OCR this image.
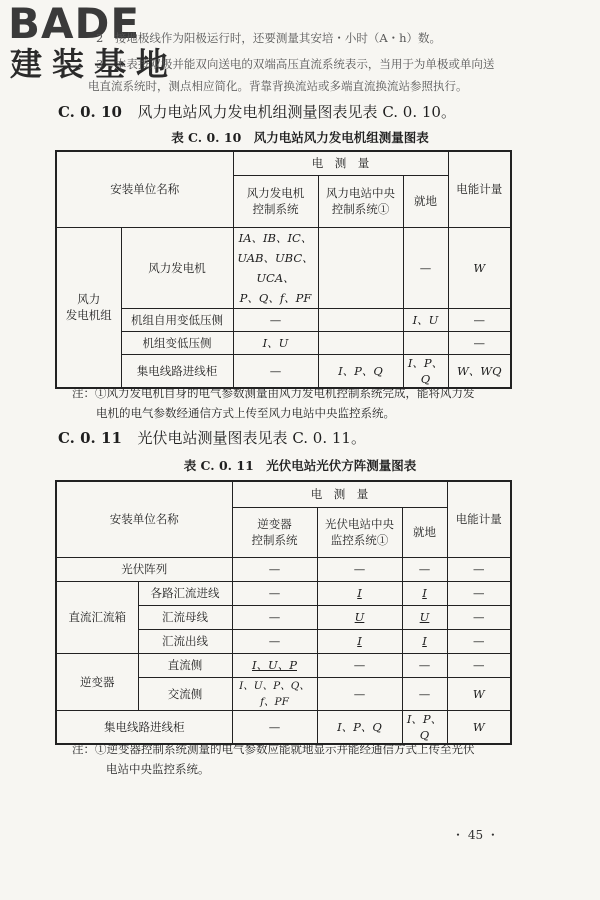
BADE
建装基地
2　接地极线作为阳极运行时，还要测量其安培・小时（A・h）数。
3　本表按双极并能双向送电的双端高压直流系统表示，当用于为单极或单向送
电直流系统时，测点相应简化。背靠背换流站或多端直流换流站参照执行。
C. 0. 10 风力电站风力发电机组测量图表见表 C. 0. 10。
表 C. 0. 10　风力电站风力发电机组测量图表
安装单位名称		电　测　量			电能计量
		风力发电机
控制系统	风力电站中央
控制系统①	就地	
风力
发电机组	风力发电机	IA、IB、IC、
UAB、UBC、UCA、
P、Q、f、PF		—	W
	机组自用变低压侧	—		I、U	—
	机组变低压侧	I、U			—
	集电线路进线柜	—	I、P、Q	I、P、Q	W、WQ
注：①风力发电机自身的电气参数测量由风力发电机控制系统完成，能将风力发
电机的电气参数经通信方式上传至风力电站中央监控系统。
C. 0. 11 光伏电站测量图表见表 C. 0. 11。
表 C. 0. 11　光伏电站光伏方阵测量图表
安装单位名称		电　测　量			电能计量
		逆变器
控制系统	光伏电站中央
监控系统①	就地	
光伏阵列		—	—	—	—
直流汇流箱	各路汇流进线	—	I	I	—
	汇流母线	—	U	U	—
	汇流出线	—	I	I	—
逆变器	直流侧	I、U、P	—	—	—
	交流侧	I、U、P、Q、f、PF	—	—	W
集电线路进线柜		—	I、P、Q	I、P、Q	W
注：①逆变器控制系统测量的电气参数应能就地显示并能经通信方式上传至光伏
电站中央监控系统。
・ 45 ・
